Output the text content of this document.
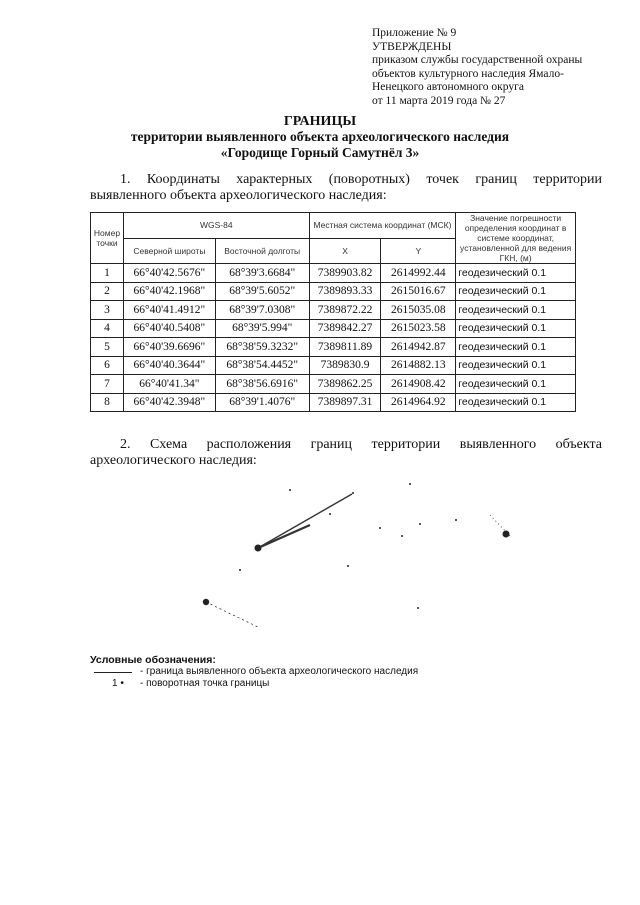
Приложение № 9
УТВЕРЖДЕНЫ
приказом службы государственной охраны
объектов культурного наследия Ямало-
Ненецкого автономного округа
от 11 марта 2019 года № 27
ГРАНИЦЫ
территории выявленного объекта археологического наследия
«Городище Горный Самутнёл 3»
1. Координаты характерных (поворотных) точек границ территории
выявленного объекта археологического наследия:
Номер точки	WGS-84		Местная система координат (МСК)		Значение погрешности определения координат в системе координат, установленной для ведения ГКН, (м)
	Северной широты	Восточной долготы	X	Y	
1	66°40'42.5676"	68°39'3.6684"	7389903.82	2614992.44	геодезический 0.1
2	66°40'42.1968"	68°39'5.6052"	7389893.33	2615016.67	геодезический 0.1
3	66°40'41.4912"	68°39'7.0308"	7389872.22	2615035.08	геодезический 0.1
4	66°40'40.5408"	68°39'5.994"	7389842.27	2615023.58	геодезический 0.1
5	66°40'39.6696"	68°38'59.3232"	7389811.89	2614942.87	геодезический 0.1
6	66°40'40.3644"	68°38'54.4452"	7389830.9	2614882.13	геодезический 0.1
7	66°40'41.34"	68°38'56.6916"	7389862.25	2614908.42	геодезический 0.1
8	66°40'42.3948"	68°39'1.4076"	7389897.31	2614964.92	геодезический 0.1
2. Схема расположения границ территории выявленного объекта
археологического наследия:
Условные обозначения:
- граница выявленного объекта археологического наследия
1 • - поворотная точка границы
